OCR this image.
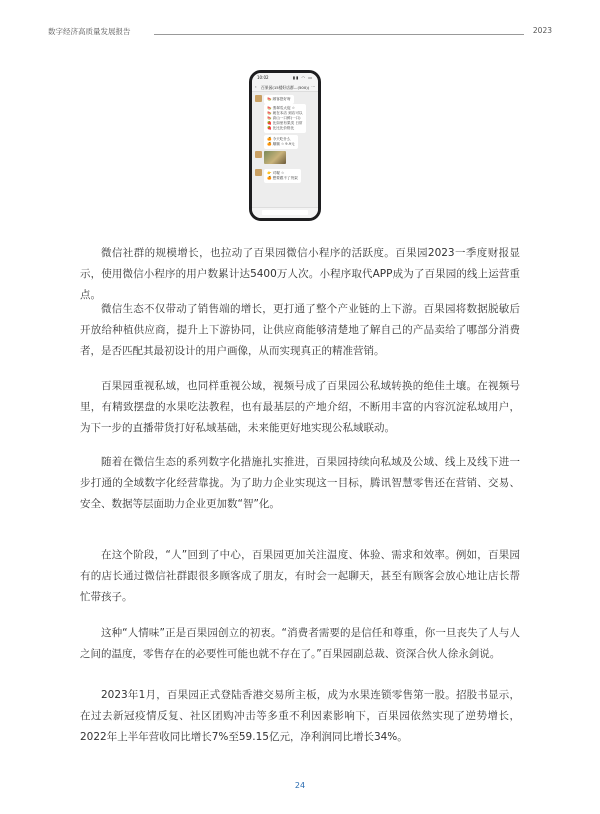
数字经济高质量发展报告	2023
10:02	▮▮ ◠ ▭
‹ 百果园(15楼好店群...(500)) ···
🍉 顾客您好呀
🍉 翡翠瓜大促 ☆
🍉 就在本店 到店可以
🍉 高山一口鲜(一口)
🍓 比如里有果类 日常
🍓 比比比价格比
🍊 今天吃什么
🍊 顺顺 ☆ 9.9元
👉 对喔 ☆
🍊 想要跟不了货架

微信社群的规模增长，也拉动了百果园微信小程序的活跃度。百果园2023一季度财报显示，使用微信小程序的用户数累计达5400万人次。小程序取代APP成为了百果园的线上运营重点。

微信生态不仅带动了销售端的增长，更打通了整个产业链的上下游。百果园将数据脱敏后开放给种植供应商，提升上下游协同，让供应商能够清楚地了解自己的产品卖给了哪部分消费者，是否匹配其最初设计的用户画像，从而实现真正的精准营销。

百果园重视私域，也同样重视公域，视频号成了百果园公私域转换的绝佳土壤。在视频号里，有精致摆盘的水果吃法教程，也有最基层的产地介绍，不断用丰富的内容沉淀私域用户，为下一步的直播带货打好私域基础，未来能更好地实现公私域联动。

随着在微信生态的系列数字化措施扎实推进，百果园持续向私域及公域、线上及线下进一步打通的全域数字化经营靠拢。为了助力企业实现这一目标，腾讯智慧零售还在营销、交易、安全、数据等层面助力企业更加数“智”化。

在这个阶段，“人”回到了中心，百果园更加关注温度、体验、需求和效率。例如，百果园有的店长通过微信社群跟很多顾客成了朋友，有时会一起聊天，甚至有顾客会放心地让店长帮忙带孩子。

这种“人情味”正是百果园创立的初衷。“消费者需要的是信任和尊重，你一旦丧失了人与人之间的温度，零售存在的必要性可能也就不存在了。”百果园副总裁、资深合伙人徐永剑说。

2023年1月，百果园正式登陆香港交易所主板，成为水果连锁零售第一股。招股书显示，在过去新冠疫情反复、社区团购冲击等多重不利因素影响下，百果园依然实现了逆势增长，2022年上半年营收同比增长7%至59.15亿元，净利润同比增长34%。

24
